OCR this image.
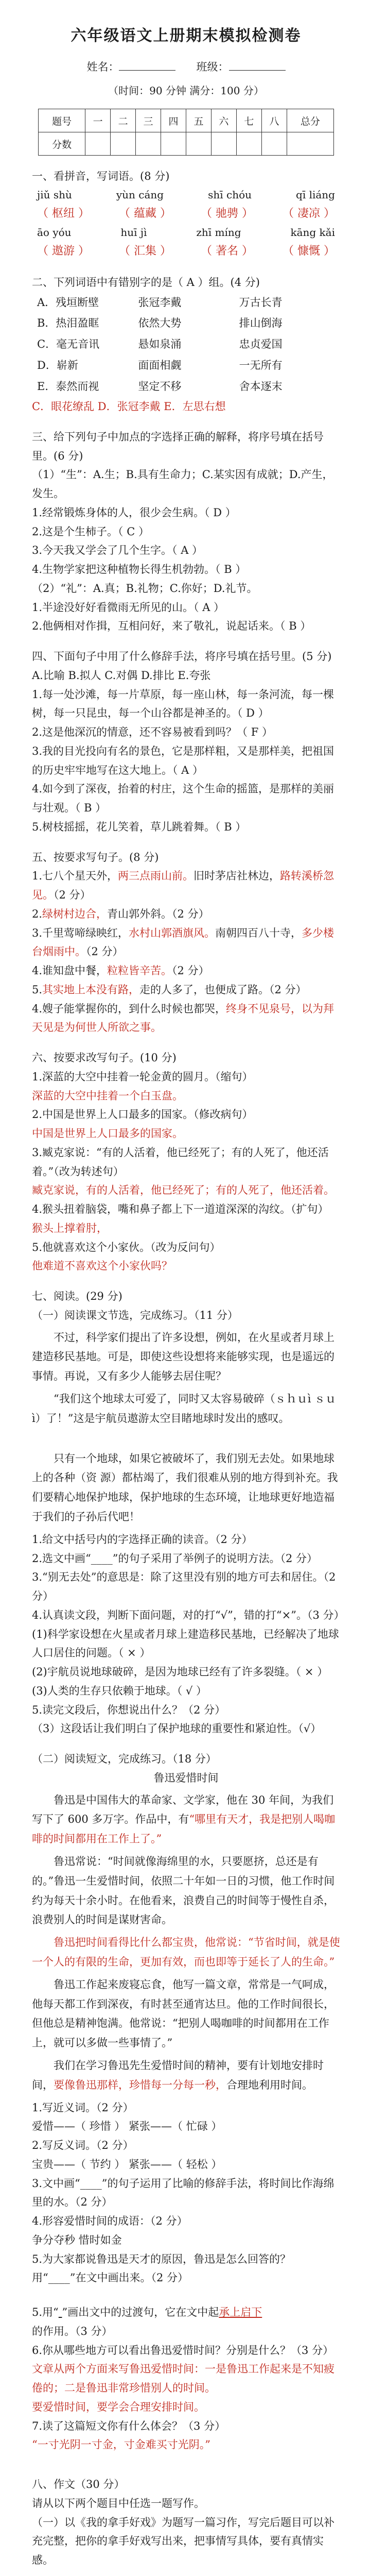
六年级语文上册期末模拟检测卷
姓名：	班级：
（时间：90 分钟 满分：100 分）
题号	一	二	三	四	五	六	七	八	总分
分数									
一、看拼音，写词语。(8 分)
jiǔ shù	yùn cáng	shī chóu	qī liáng
（ 枢纽 ）	（ 蕴藏 ）	（ 驰骋 ）	（ 凄凉 ）
āo yóu	huī jì	zhī míng	kāng kǎi
（ 遨游 ）	（ 汇集 ）	（ 著名 ）	（ 慷慨 ）
二、下列词语中有错别字的是（ A ）组。(4 分)
A．残垣断壁	张冠李戴	万古长青
B．热泪盈眶	依然大势	排山倒海
C．毫无音讯	悬如泉涌	忠贞爱国
D．崭新	面面相觑	一无所有
E．泰然而视	坚定不移	舍本逐末
C．眼花缭乱 D．张冠李戴 E．左思右想
三、给下列句子中加点的字选择正确的解释，将序号填在括号里。(6 分)
（1）“生”：A.生；B.具有生命力；C.某实因有成就；D.产生，发生。
1.经常锻炼身体的人，很少会生病。（ D ）
2.这是个生柿子。（ C ）
3.今天我又学会了几个生字。（ A ）
4.生物学家把这种植物长得生机勃勃。（ B ）
（2）“礼”：A.真；B.礼物；C.你好；D.礼节。
1.半途没好好看微雨无所见的山。（ A ）
2.他俩相对作揖，互相问好，来了敬礼，说起话来。（ B ）
四、下面句子中用了什么修辞手法，将序号填在括号里。(5 分)
A.比喻 B.拟人 C.对偶 D.排比 E.夸张
1.每一处沙滩，每一片草原，每一座山林，每一条河流，每一棵树，每一只昆虫，每一个山谷都是神圣的。（ D ）
2.这是他深沉的情意，还不容易被看到吗？（ F ）
3.我的目光投向有名的景色，它是那样粗，又是那样美，把祖国的历史牢牢地写在这大地上。（ A ）
4.如今到了深夜，抬着的村庄，这个生命的摇篮，是那样的美丽与壮观。（ B ）
5.树枝摇摇，花儿笑着，草儿跳着舞。（ B ）
五、按要求写句子。(8 分)
1.七八个星天外，两三点雨山前。旧时茅店社林边，路转溪桥忽见。（2 分）
2.绿树村边合，青山郭外斜。（2 分）
3.千里莺啼绿映红，水村山郭酒旗风。南朝四百八十寺，多少楼台烟雨中。（2 分）
4.谁知盘中餐，粒粒皆辛苦。（2 分）
5.其实地上本没有路，走的人多了，也便成了路。（2 分）
4.嫂子能掌握你的，到什么时候也都哭，终身不见泉号，以为拜天见是为何世人所欲之事。
六、按要求改写句子。(10 分)
1.深蓝的大空中挂着一轮金黄的圆月。（缩句）
深蓝的大空中挂着一个白玉盘。
2.中国是世界上人口最多的国家。（修改病句）
中国是世界上人口最多的国家。
3.臧克家说：“有的人活着，他已经死了；有的人死了，他还活着。”（改为转述句）
臧克家说，有的人活着，他已经死了；有的人死了，他还活着。
4.猴头扭着脑袋，嘴和鼻子都上下一道道深深的沟纹。（扩句）
猴头上撑着肘，
5.他就喜欢这个小家伙。（改为反问句）
他难道不喜欢这个小家伙吗？
七、阅读。(29 分)
（一）阅读课文节选，完成练习。（11 分）
不过，科学家们提出了许多设想，例如，在火星或者月球上建造移民基地。可是，即使这些设想将来能够实现，也是遥远的事情。再说，又有多少人能够去居住呢？
“我们这个地球太可爱了，同时又太容易破碎（ｓｈｕì ｓｕì）了！”这是宇航员遨游太空目睹地球时发出的感叹。
只有一个地球，如果它被破坏了，我们别无去处。如果地球上的各种（资 源）都枯竭了，我们很难从别的地方得到补充。我们要精心地保护地球，保护地球的生态环境，让地球更好地造福于我们的子孙后代吧！
1.给文中括号内的字选择正确的读音。（2 分）
2.选文中画“____”的句子采用了举例子的说明方法。（2 分）
3.“别无去处”的意思是：除了这里没有别的地方可去和居住。（2 分）
4.认真读文段，判断下面问题，对的打“√”，错的打“×”。（3 分）
(1)科学家设想在火星或者月球上建造移民基地，已经解决了地球人口居住的问题。（ × ）
(2)宇航员说地球破碎，是因为地球已经有了许多裂缝。（ × ）
(3)人类的生存只依赖于地球。（ √ ）
5.读完文段后，你想说出什么？（2 分）
（3）这段话让我们明白了保护地球的重要性和紧迫性。（√）
（二）阅读短文，完成练习。（18 分）
鲁迅爱惜时间
鲁迅是中国伟大的革命家、文学家，他在 30 年间，为我们写下了 600 多万字。作品中，有“哪里有天才，我是把别人喝咖啡的时间都用在工作上了。”
鲁迅常说：“时间就像海绵里的水，只要愿挤，总还是有的。”鲁迅一生爱惜时间，依照二十年如一日的习惯，他工作时间约为每天十余小时。在他看来，浪费自己的时间等于慢性自杀，浪费别人的时间是谋财害命。
鲁迅把时间看得比什么都宝贵，他常说：“节省时间，就是使一个人的有限的生命，更加有效，而也即等于延长了人的生命。”
鲁迅工作起来废寝忘食，他写一篇文章，常常是一气呵成，他每天都工作到深夜，有时甚至通宵达旦。他的工作时间很长，但他总是精神饱满。他常说：“把别人喝咖啡的时间都用在工作上，就可以多做一些事情了。”
我们在学习鲁迅先生爱惜时间的精神，要有计划地安排时间，要像鲁迅那样，珍惜每一分每一秒，合理地利用时间。
1.写近义词。（2 分）
爱惜——（ 珍惜 ） 紧张——（ 忙碌 ）
2.写反义词。（2 分）
宝贵——（ 节约 ） 紧张——（ 轻松 ）
3.文中画“____”的句子运用了比喻的修辞手法，将时间比作海绵里的水。（2 分）
4.形容爱惜时间的成语：（2 分）
争分夺秒 惜时如金
5.为大家都说鲁迅是天才的原因，鲁迅是怎么回答的？用“____”在文中画出来。（2 分）
5.用“ ”画出文中的过渡句，它在文中起承上启下的作用。（3 分）
6.你从哪些地方可以看出鲁迅爱惜时间？分别是什么？（3 分）
文章从两个方面来写鲁迅爱惜时间：一是鲁迅工作起来是不知疲倦的；二是鲁迅非常珍惜别人的时间。
要爱惜时间，要学会合理安排时间。
7.读了这篇短文你有什么体会？（3 分）
“一寸光阴一寸金，寸金难买寸光阴。”
八、作文（30 分）
请从以下两个题目中任选一题写作。
（一）以《我的拿手好戏》为题写一篇习作，写完后题目可以补充完整，把你的拿手好戏写出来，把事情写具体，要有真情实感。
